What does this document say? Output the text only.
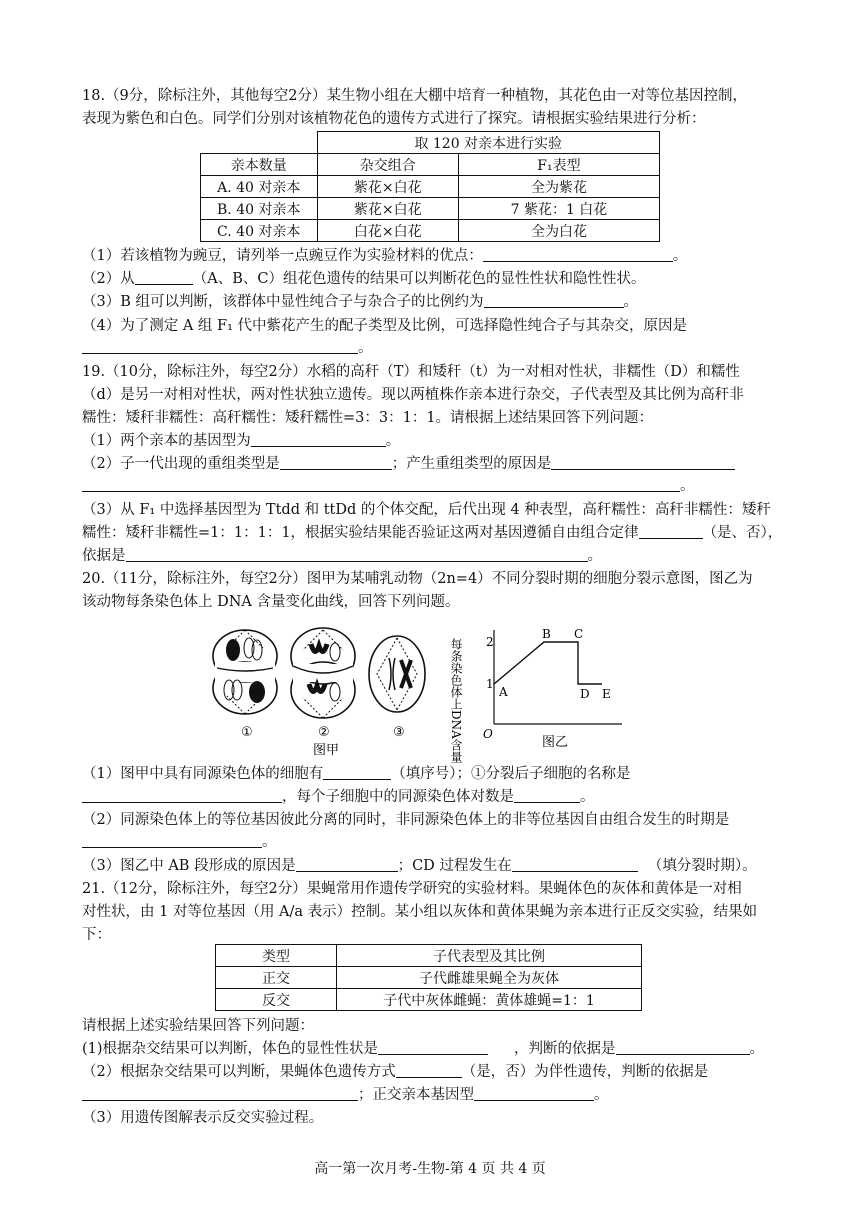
18.（9分，除标注外，其他每空2分）某生物小组在大棚中培育一种植物，其花色由一对等位基因控制，
表现为紫色和白色。同学们分别对该植物花色的遗传方式进行了探究。请根据实验结果进行分析：
	取 120 对亲本进行实验	
亲本数量	杂交组合	F₁表型
A. 40 对亲本	紫花×白花	全为紫花
B. 40 对亲本	紫花×白花	7 紫花：1 白花
C. 40 对亲本	白花×白花	全为白花
（1）若该植物为豌豆，请列举一点豌豆作为实验材料的优点：	。
（2）从	（A、B、C）组花色遗传的结果可以判断花色的显性性状和隐性性状。
（3）B 组可以判断，该群体中显性纯合子与杂合子的比例约为	。
（4）为了测定 A 组 F₁ 代中紫花产生的配子类型及比例，可选择隐性纯合子与其杂交，原因是
。
19.（10分，除标注外，每空2分）水稻的高秆（T）和矮秆（t）为一对相对性状，非糯性（D）和糯性
（d）是另一对相对性状，两对性状独立遗传。现以两植株作亲本进行杂交，子代表型及其比例为高秆非
糯性：矮秆非糯性：高秆糯性：矮秆糯性=3：3：1：1。请根据上述结果回答下列问题：
（1）两个亲本的基因型为	。
（2）子一代出现的重组类型是	；产生重组类型的原因是
。
（3）从 F₁ 中选择基因型为 Ttdd 和 ttDd 的个体交配，后代出现 4 种表型，高秆糯性：高秆非糯性：矮秆
糯性：矮秆非糯性=1：1：1：1，根据实验结果能否验证这两对基因遵循自由组合定律	（是、否），
依据是	。
20.（11分，除标注外，每空2分）图甲为某哺乳动物（2n=4）不同分裂时期的细胞分裂示意图，图乙为
该动物每条染色体上 DNA 含量变化曲线，回答下列问题。
①	②	③
图甲	每条染色体上DNA含量 2
1
O
A
B C
D E
图乙
（1）图甲中具有同源染色体的细胞有	（填序号）；①分裂后子细胞的名称是
，每个子细胞中的同源染色体对数是	。
（2）同源染色体上的等位基因彼此分离的同时，非同源染色体上的非等位基因自由组合发生的时期是
。
（3）图乙中 AB 段形成的原因是	；CD 过程发生在	（填分裂时期）。
21.（12分，除标注外，每空2分）果蝇常用作遗传学研究的实验材料。果蝇体色的灰体和黄体是一对相
对性状，由 1 对等位基因（用 A/a 表示）控制。某小组以灰体和黄体果蝇为亲本进行正反交实验，结果如
下：
类型	子代表型及其比例
正交	子代雌雄果蝇全为灰体
反交	子代中灰体雌蝇：黄体雄蝇=1：1
请根据上述实验结果回答下列问题：
(1)根据杂交结果可以判断，体色的显性性状是	，判断的依据是	。
（2）根据杂交结果可以判断，果蝇体色遗传方式	（是，否）为伴性遗传，判断的依据是
；正交亲本基因型	。
（3）用遗传图解表示反交实验过程。
高一第一次月考-生物-第 4 页 共 4 页
